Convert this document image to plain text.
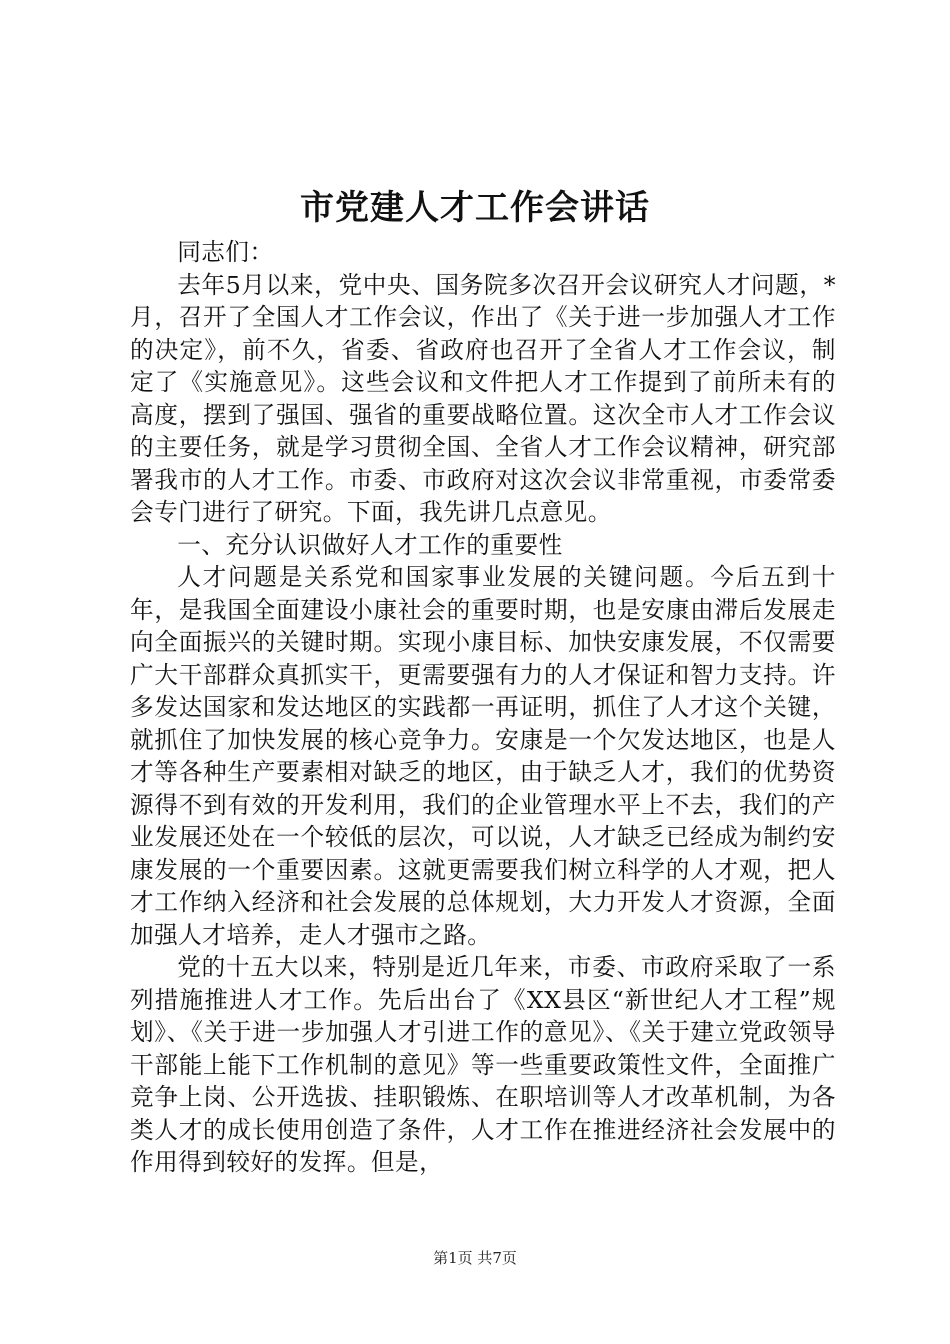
市党建人才工作会讲话

同志们：

去年5月以来，党中央、国务院多次召开会议研究人才问题，*月，召开了全国人才工作会议，作出了《关于进一步加强人才工作的决定》，前不久，省委、省政府也召开了全省人才工作会议，制定了《实施意见》。这些会议和文件把人才工作提到了前所未有的高度，摆到了强国、强省的重要战略位置。这次全市人才工作会议的主要任务，就是学习贯彻全国、全省人才工作会议精神，研究部署我市的人才工作。市委、市政府对这次会议非常重视，市委常委会专门进行了研究。下面，我先讲几点意见。

一、充分认识做好人才工作的重要性

人才问题是关系党和国家事业发展的关键问题。今后五到十年，是我国全面建设小康社会的重要时期，也是安康由滞后发展走向全面振兴的关键时期。实现小康目标、加快安康发展，不仅需要广大干部群众真抓实干，更需要强有力的人才保证和智力支持。许多发达国家和发达地区的实践都一再证明，抓住了人才这个关键，就抓住了加快发展的核心竞争力。安康是一个欠发达地区，也是人才等各种生产要素相对缺乏的地区，由于缺乏人才，我们的优势资源得不到有效的开发利用，我们的企业管理水平上不去，我们的产业发展还处在一个较低的层次，可以说，人才缺乏已经成为制约安康发展的一个重要因素。这就更需要我们树立科学的人才观，把人才工作纳入经济和社会发展的总体规划，大力开发人才资源，全面加强人才培养，走人才强市之路。

党的十五大以来，特别是近几年来，市委、市政府采取了一系列措施推进人才工作。先后出台了《XX县区“新世纪人才工程”规划》、《关于进一步加强人才引进工作的意见》、《关于建立党政领导干部能上能下工作机制的意见》等一些重要政策性文件，全面推广竞争上岗、公开选拔、挂职锻炼、在职培训等人才改革机制，为各类人才的成长使用创造了条件，人才工作在推进经济社会发展中的作用得到较好的发挥。但是，

第1页 共7页
